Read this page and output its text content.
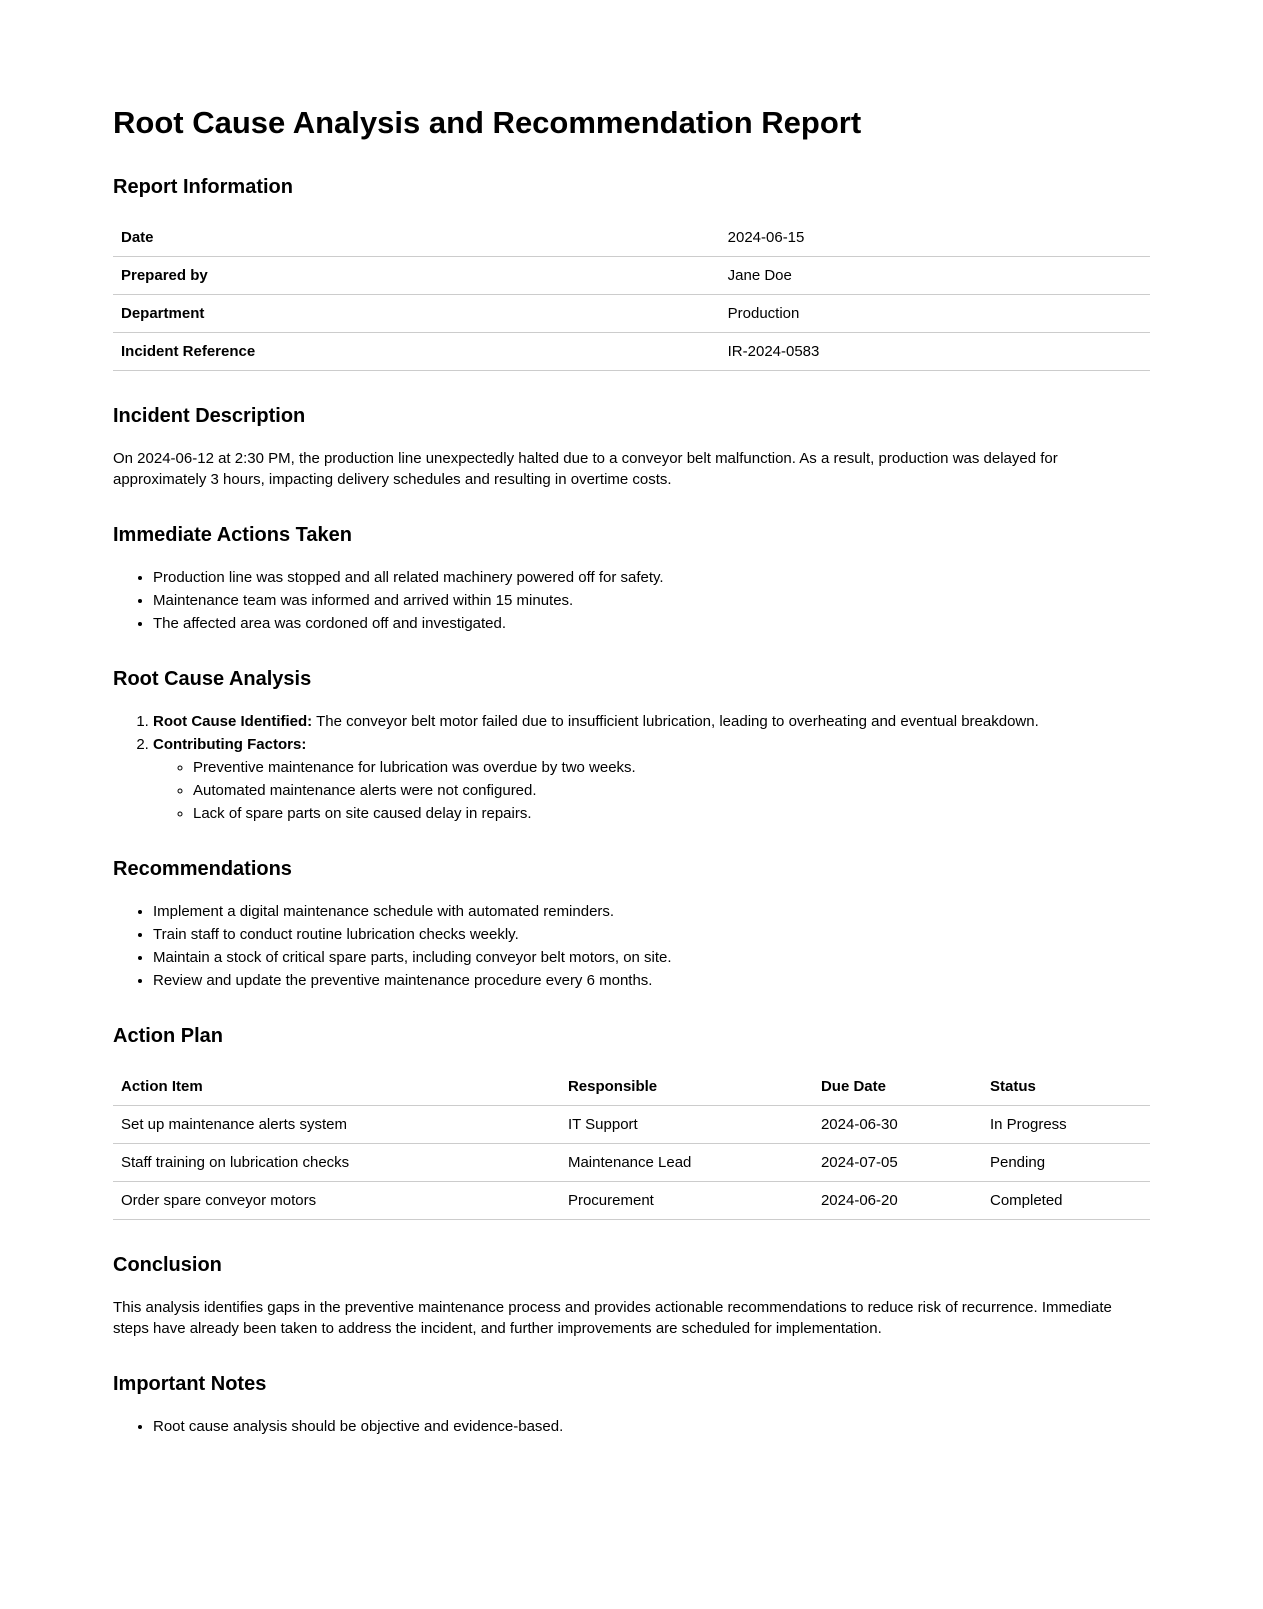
Root Cause Analysis and Recommendation Report
Report Information
Date	2024-06-15
Prepared by	Jane Doe
Department	Production
Incident Reference	IR-2024-0583
Incident Description

On 2024-06-12 at 2:30 PM, the production line unexpectedly halted due to a conveyor belt malfunction. As a result, production was delayed for approximately 3 hours, impacting delivery schedules and resulting in overtime costs.

Immediate Actions Taken
• Production line was stopped and all related machinery powered off for safety.
• Maintenance team was informed and arrived within 15 minutes.
• The affected area was cordoned off and investigated.
Root Cause Analysis
1. Root Cause Identified: The conveyor belt motor failed due to insufficient lubrication, leading to overheating and eventual breakdown.
2. Contributing Factors:
◦ Preventive maintenance for lubrication was overdue by two weeks.
◦ Automated maintenance alerts were not configured.
◦ Lack of spare parts on site caused delay in repairs.
Recommendations
• Implement a digital maintenance schedule with automated reminders.
• Train staff to conduct routine lubrication checks weekly.
• Maintain a stock of critical spare parts, including conveyor belt motors, on site.
• Review and update the preventive maintenance procedure every 6 months.
Action Plan
Action Item	Responsible	Due Date	Status
Set up maintenance alerts system	IT Support	2024-06-30	In Progress
Staff training on lubrication checks	Maintenance Lead	2024-07-05	Pending
Order spare conveyor motors	Procurement	2024-06-20	Completed
Conclusion

This analysis identifies gaps in the preventive maintenance process and provides actionable recommendations to reduce risk of recurrence. Immediate steps have already been taken to address the incident, and further improvements are scheduled for implementation.

Important Notes
• Root cause analysis should be objective and evidence-based.
